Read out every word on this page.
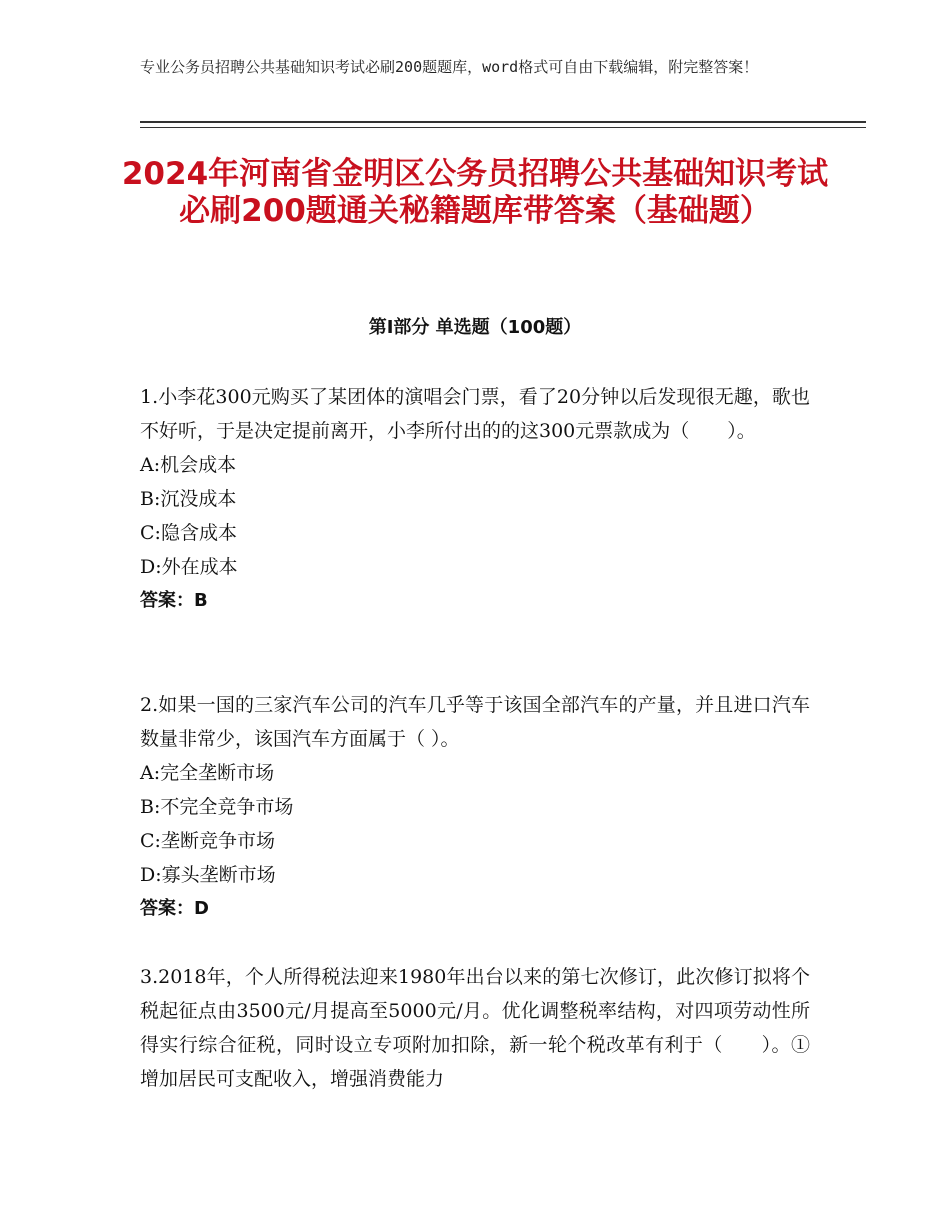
专业公务员招聘公共基础知识考试必刷200题题库，word格式可自由下载编辑，附完整答案！
2024年河南省金明区公务员招聘公共基础知识考试必刷200题通关秘籍题库带答案（基础题）
第Ⅰ部分 单选题（100题）
1.小李花300元购买了某团体的演唱会门票，看了20分钟以后发现很无趣，歌也不好听，于是决定提前离开，小李所付出的的这300元票款成为（　　）。
A:机会成本
B:沉没成本
C:隐含成本
D:外在成本
答案：B
2.如果一国的三家汽车公司的汽车几乎等于该国全部汽车的产量，并且进口汽车数量非常少，该国汽车方面属于（ ）。
A:完全垄断市场
B:不完全竞争市场
C:垄断竞争市场
D:寡头垄断市场
答案：D
3.2018年，个人所得税法迎来1980年出台以来的第七次修订，此次修订拟将个税起征点由3500元/月提高至5000元/月。优化调整税率结构，对四项劳动性所得实行综合征税，同时设立专项附加扣除，新一轮个税改革有利于（　　）。①增加居民可支配收入，增强消费能力
